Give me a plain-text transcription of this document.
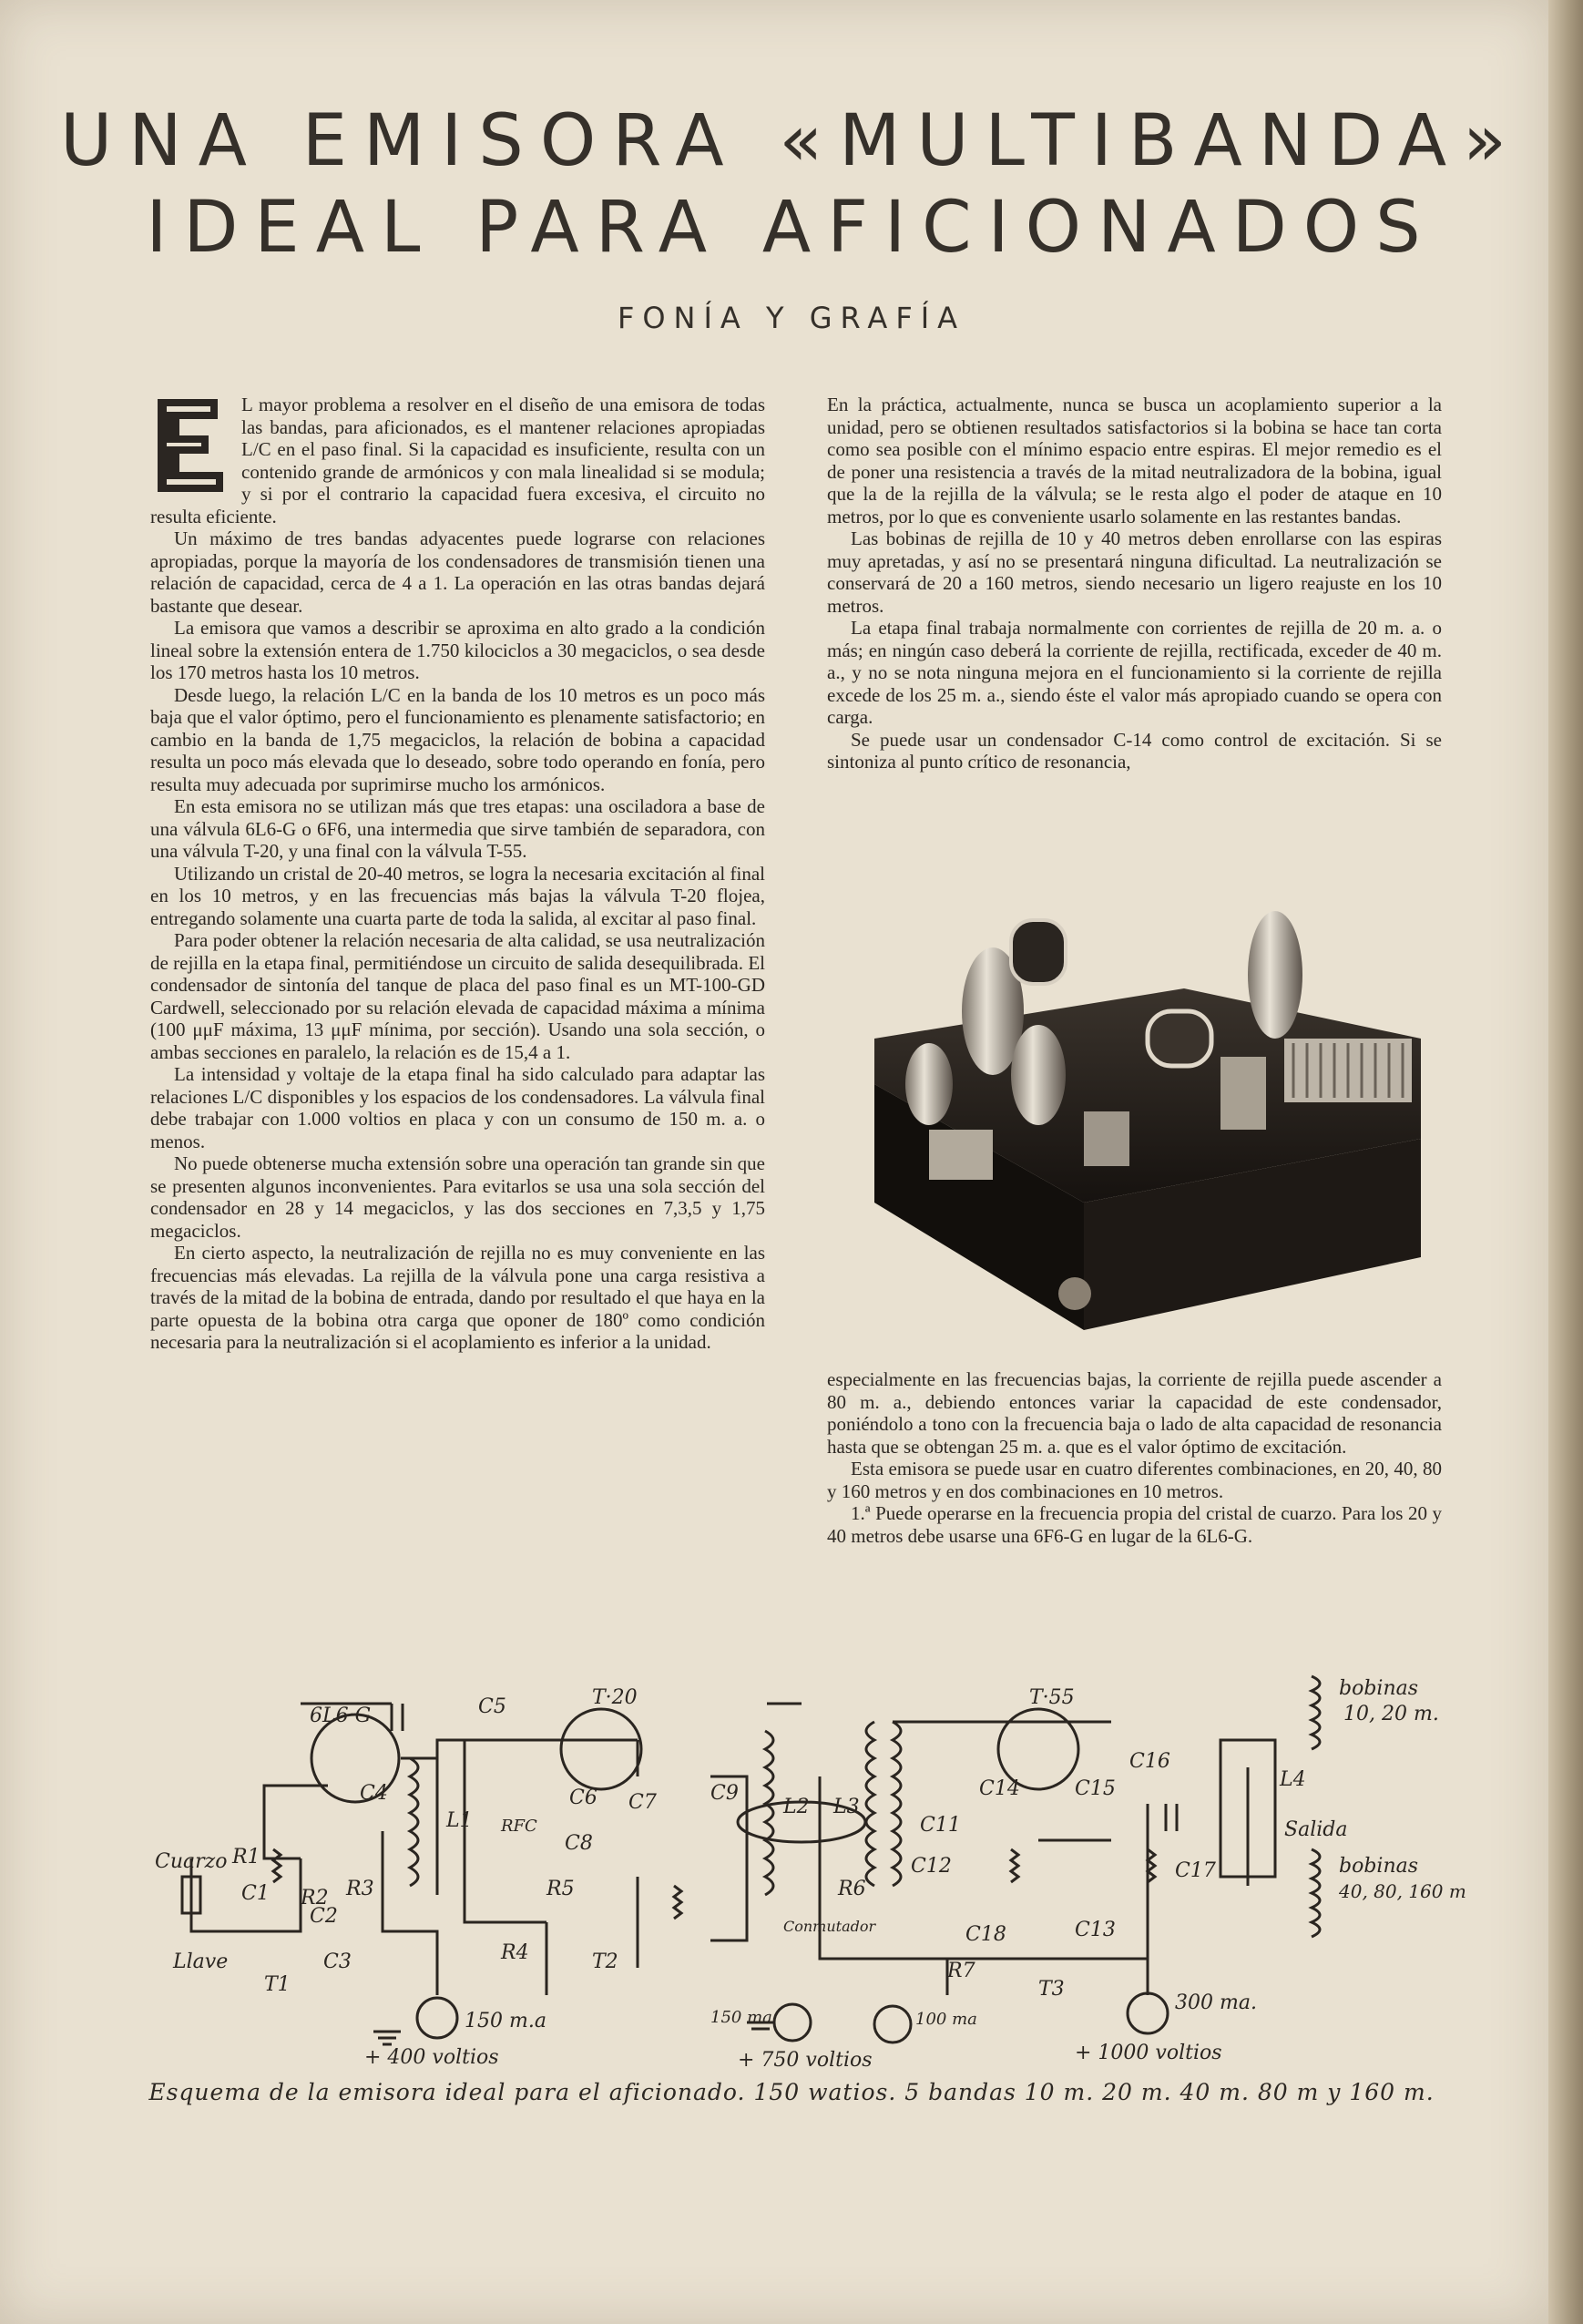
UNA EMISORA «MULTIBANDA»
IDEAL PARA AFICIONADOS
FONÍA Y GRAFÍA

L mayor problema a resolver en el diseño de una emisora de todas las bandas, para aficionados, es el mantener relaciones apropiadas L/C en el paso final. Si la capacidad es insuficiente, resulta con un contenido grande de armónicos y con mala linealidad si se modula; y si por el contrario la capacidad fuera excesiva, el circuito no resulta eficiente.

Un máximo de tres bandas adyacentes puede lograrse con relaciones apropiadas, porque la mayoría de los condensadores de transmisión tienen una relación de capacidad, cerca de 4 a 1. La operación en las otras bandas dejará bastante que desear.

La emisora que vamos a describir se aproxima en alto grado a la condición lineal sobre la extensión entera de 1.750 kilociclos a 30 megaciclos, o sea desde los 170 metros hasta los 10 metros.

Desde luego, la relación L/C en la banda de los 10 metros es un poco más baja que el valor óptimo, pero el funcionamiento es plenamente satisfactorio; en cambio en la banda de 1,75 megaciclos, la relación de bobina a capacidad resulta un poco más elevada que lo deseado, sobre todo operando en fonía, pero resulta muy adecuada por suprimirse mucho los armónicos.

En esta emisora no se utilizan más que tres etapas: una osciladora a base de una válvula 6L6-G o 6F6, una intermedia que sirve también de separadora, con una válvula T-20, y una final con la válvula T-55.

Utilizando un cristal de 20-40 metros, se logra la necesaria excitación al final en los 10 metros, y en las frecuencias más bajas la válvula T-20 flojea, entregando solamente una cuarta parte de toda la salida, al excitar al paso final.

Para poder obtener la relación necesaria de alta calidad, se usa neutralización de rejilla en la etapa final, permitiéndose un circuito de salida desequilibrada. El condensador de sintonía del tanque de placa del paso final es un MT-100-GD Cardwell, seleccionado por su relación elevada de capacidad máxima a mínima (100 μμF máxima, 13 μμF mínima, por sección). Usando una sola sección, o ambas secciones en paralelo, la relación es de 15,4 a 1.

La intensidad y voltaje de la etapa final ha sido calculado para adaptar las relaciones L/C disponibles y los espacios de los condensadores. La válvula final debe trabajar con 1.000 voltios en placa y con un consumo de 150 m. a. o menos.

No puede obtenerse mucha extensión sobre una operación tan grande sin que se presenten algunos inconvenientes. Para evitarlos se usa una sola sección del condensador en 28 y 14 megaciclos, y las dos secciones en 7,3,5 y 1,75 megaciclos.

En cierto aspecto, la neutralización de rejilla no es muy conveniente en las frecuencias más elevadas. La rejilla de la válvula pone una carga resistiva a través de la mitad de la bobina de entrada, dando por resultado el que haya en la parte opuesta de la bobina otra carga que oponer de 180º como condición necesaria para la neutralización si el acoplamiento es inferior a la unidad.

En la práctica, actualmente, nunca se busca un acoplamiento superior a la unidad, pero se obtienen resultados satisfactorios si la bobina se hace tan corta como sea posible con el mínimo espacio entre espiras. El mejor remedio es el de poner una resistencia a través de la mitad neutralizadora de la bobina, igual que la de la rejilla de la válvula; se le resta algo el poder de ataque en 10 metros, por lo que es conveniente usarlo solamente en las restantes bandas.

Las bobinas de rejilla de 10 y 40 metros deben enrollarse con las espiras muy apretadas, y así no se presentará ninguna dificultad. La neutralización se conservará de 20 a 160 metros, siendo necesario un ligero reajuste en los 10 metros.

La etapa final trabaja normalmente con corrientes de rejilla de 20 m. a. o más; en ningún caso deberá la corriente de rejilla, rectificada, exceder de 40 m. a., y no se nota ninguna mejora en el funcionamiento si la corriente de rejilla excede de los 25 m. a., siendo éste el valor más apropiado cuando se opera con carga.

Se puede usar un condensador C-14 como control de excitación. Si se sintoniza al punto crítico de resonancia,

especialmente en las frecuencias bajas, la corriente de rejilla puede ascender a 80 m. a., debiendo entonces variar la capacidad de este condensador, poniéndolo a tono con la frecuencia baja o lado de alta capacidad de resonancia hasta que se obtengan 25 m. a. que es el valor óptimo de excitación.

Esta emisora se puede usar en cuatro diferentes combinaciones, en 20, 40, 80 y 160 metros y en dos combinaciones en 10 metros.

1.ª Puede operarse en la frecuencia propia del cristal de cuarzo. Para los 20 y 40 metros debe usarse una 6F6-G en lugar de la 6L6-G.

6L6·G
T·20	T·55
Cuarzo
Llave
T1
R1
R2 R3
R4
R5	R6
R7
C1
C2
C3
C4
C5
C6 C7
C8
C9
C11
C12
C13
C14	C15
C16
C17
C18
L1
L2 L3
L4
T2
T3
RFC
150 m.a	150 ma	100 ma
300 ma.
Conmutador
Salida
bobinas
10, 20 m.
bobinas
40, 80, 160 m
+ 400 voltios	+ 750 voltios	+ 1000 voltios
Esquema de la emisora ideal para el aficionado. 150 watios. 5 bandas 10 m. 20 m. 40 m. 80 m y 160 m.
